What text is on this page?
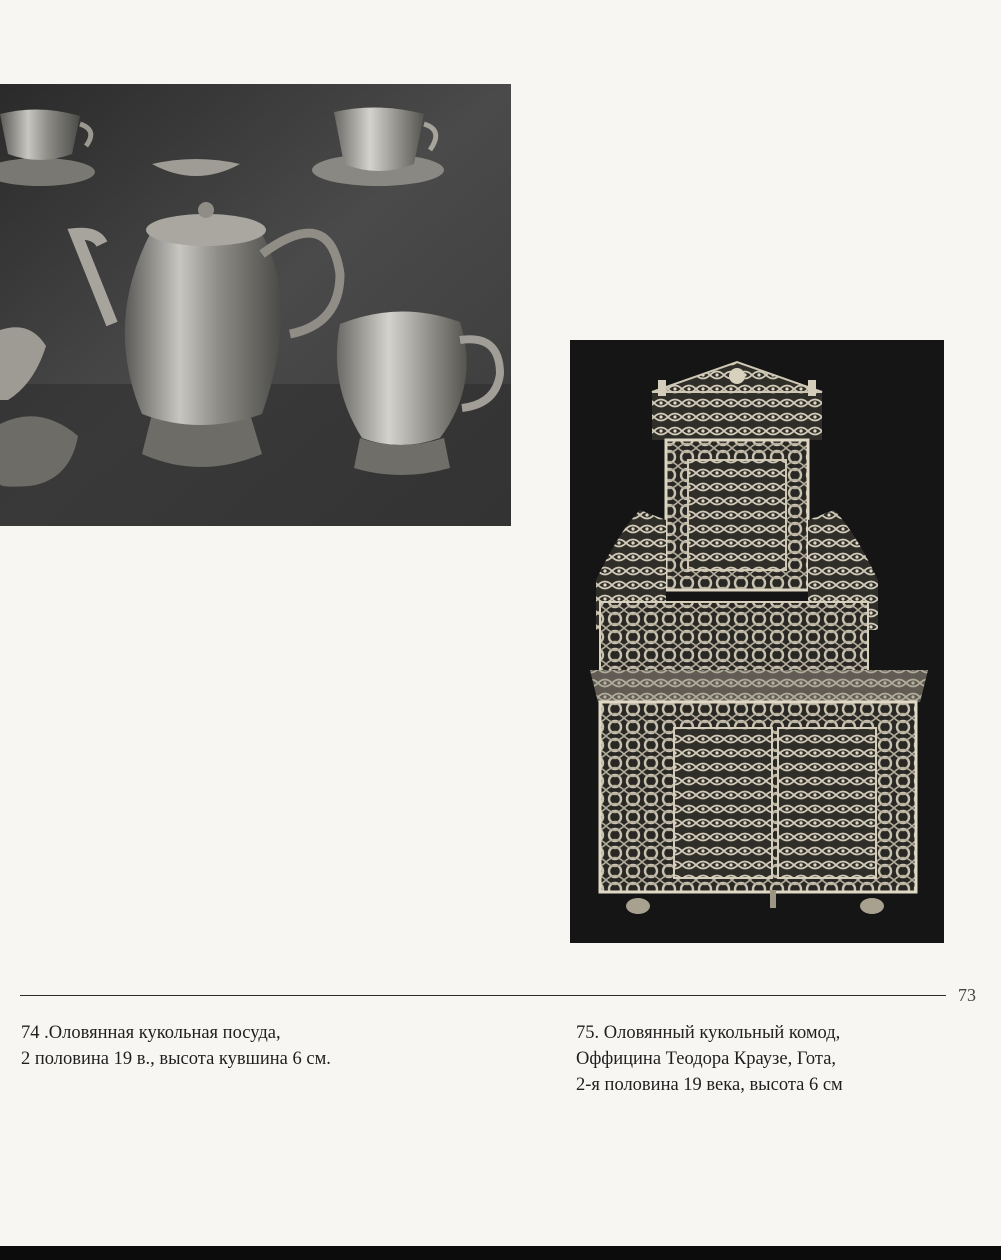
73
74 .Оловянная кукольная посуда,
2 половина 19 в., высота кувшина 6 см.
75. Оловянный кукольный комод,
Оффицина Теодора Краузе, Гота,
2-я половина 19 века, высота 6 см
